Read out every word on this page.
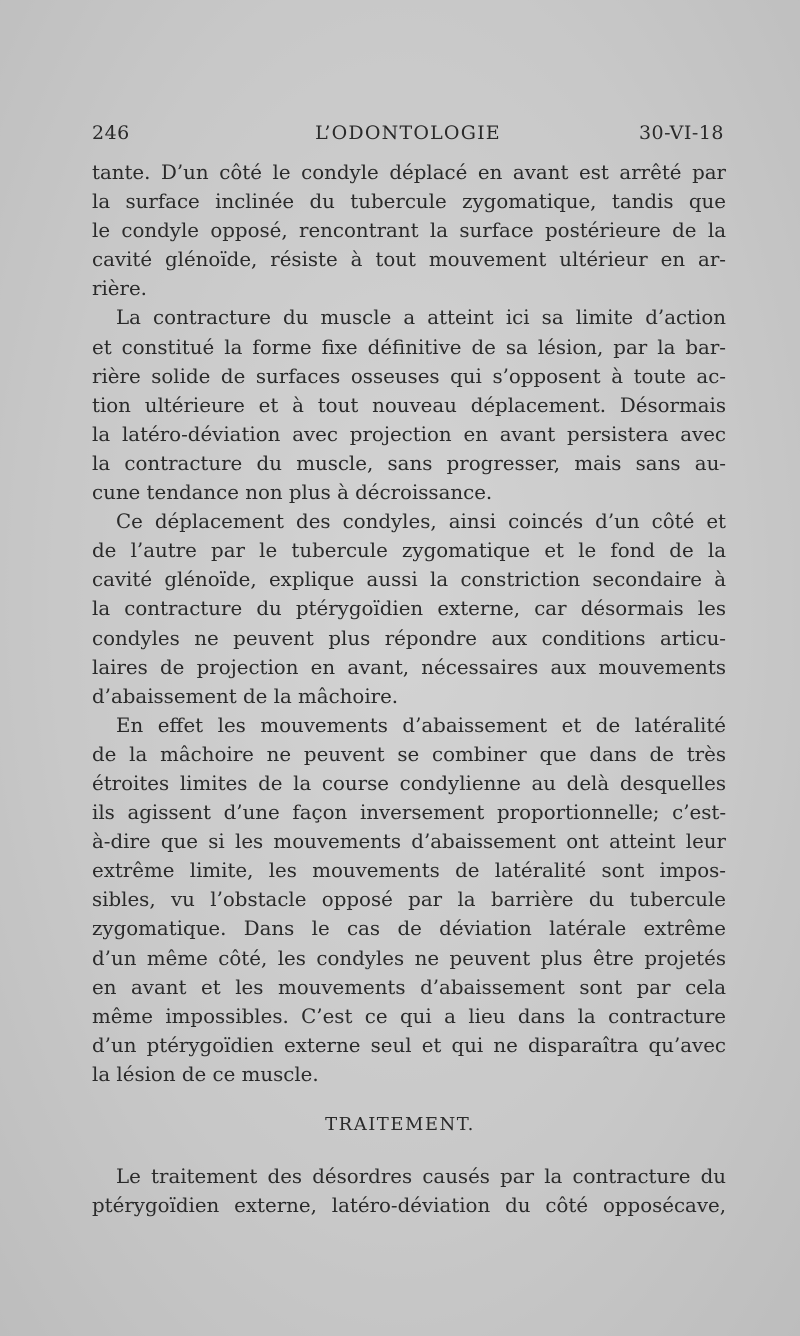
246	L’ODONTOLOGIE	30-VI-18
tante. D’un côté le condyle déplacé en avant est arrêté par
la surface inclinée du tubercule zygomatique, tandis que
le condyle opposé, rencontrant la surface postérieure de la
cavité glénoïde, résiste à tout mouvement ultérieur en ar-
rière.
La contracture du muscle a atteint ici sa limite d’action
et constitué la forme fixe définitive de sa lésion, par la bar-
rière solide de surfaces osseuses qui s’opposent à toute ac-
tion ultérieure et à tout nouveau déplacement. Désormais
la latéro-déviation avec projection en avant persistera avec
la contracture du muscle, sans progresser, mais sans au-
cune tendance non plus à décroissance.
Ce déplacement des condyles, ainsi coincés d’un côté et
de l’autre par le tubercule zygomatique et le fond de la
cavité glénoïde, explique aussi la constriction secondaire à
la contracture du ptérygoïdien externe, car désormais les
condyles ne peuvent plus répondre aux conditions articu-
laires de projection en avant, nécessaires aux mouvements
d’abaissement de la mâchoire.
En effet les mouvements d’abaissement et de latéralité
de la mâchoire ne peuvent se combiner que dans de très
étroites limites de la course condylienne au delà desquelles
ils agissent d’une façon inversement proportionnelle; c’est-
à-dire que si les mouvements d’abaissement ont atteint leur
extrême limite, les mouvements de latéralité sont impos-
sibles, vu l’obstacle opposé par la barrière du tubercule
zygomatique. Dans le cas de déviation latérale extrême
d’un même côté, les condyles ne peuvent plus être projetés
en avant et les mouvements d’abaissement sont par cela
même impossibles. C’est ce qui a lieu dans la contracture
d’un ptérygoïdien externe seul et qui ne disparaîtra qu’avec
la lésion de ce muscle.
TRAITEMENT.
Le traitement des désordres causés par la contracture du
ptérygoïdien externe, latéro-déviation du côté opposécave,
